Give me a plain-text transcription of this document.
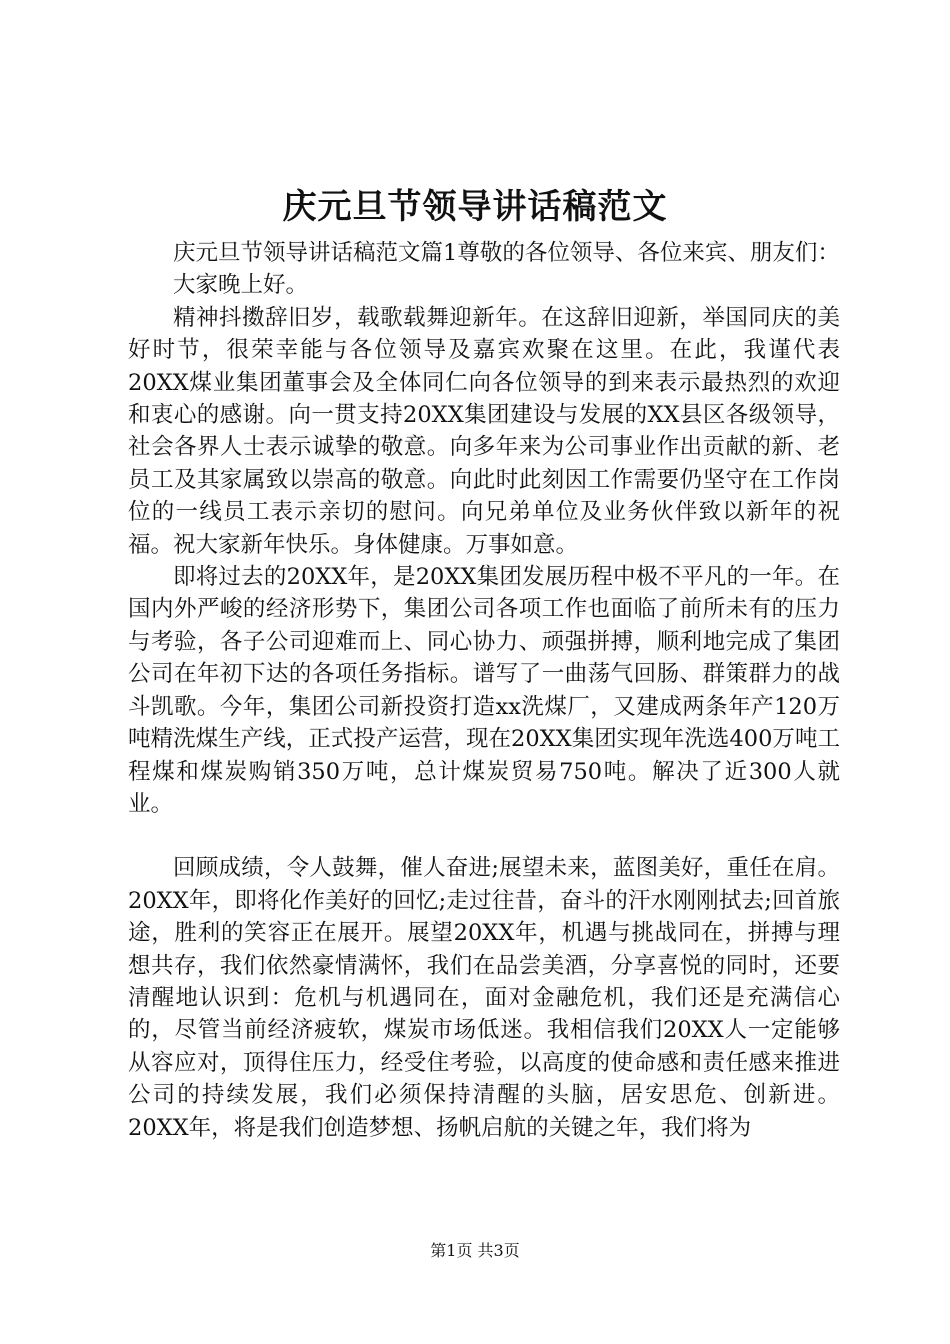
庆元旦节领导讲话稿范文

庆元旦节领导讲话稿范文篇1尊敬的各位领导、各位来宾、朋友们：

大家晚上好。

精神抖擞辞旧岁，载歌载舞迎新年。在这辞旧迎新，举国同庆的美好时节，很荣幸能与各位领导及嘉宾欢聚在这里。在此，我谨代表20XX煤业集团董事会及全体同仁向各位领导的到来表示最热烈的欢迎和衷心的感谢。向一贯支持20XX集团建设与发展的XX县区各级领导，社会各界人士表示诚挚的敬意。向多年来为公司事业作出贡献的新、老员工及其家属致以崇高的敬意。向此时此刻因工作需要仍坚守在工作岗位的一线员工表示亲切的慰问。向兄弟单位及业务伙伴致以新年的祝福。祝大家新年快乐。身体健康。万事如意。

即将过去的20XX年，是20XX集团发展历程中极不平凡的一年。在国内外严峻的经济形势下，集团公司各项工作也面临了前所未有的压力与考验，各子公司迎难而上、同心协力、顽强拼搏，顺利地完成了集团公司在年初下达的各项任务指标。谱写了一曲荡气回肠、群策群力的战斗凯歌。今年，集团公司新投资打造xx洗煤厂，又建成两条年产120万吨精洗煤生产线，正式投产运营，现在20XX集团实现年洗选400万吨工程煤和煤炭购销350万吨，总计煤炭贸易750吨。解决了近300人就业。

回顾成绩，令人鼓舞，催人奋进;展望未来，蓝图美好，重任在肩。20XX年，即将化作美好的回忆;走过往昔，奋斗的汗水刚刚拭去;回首旅途，胜利的笑容正在展开。展望20XX年，机遇与挑战同在，拼搏与理想共存，我们依然豪情满怀，我们在品尝美酒，分享喜悦的同时，还要清醒地认识到：危机与机遇同在，面对金融危机，我们还是充满信心的，尽管当前经济疲软，煤炭市场低迷。我相信我们20XX人一定能够从容应对，顶得住压力，经受住考验，以高度的使命感和责任感来推进公司的持续发展，我们必须保持清醒的头脑，居安思危、创新进。20XX年，将是我们创造梦想、扬帆启航的关键之年，我们将为

第1页 共3页
